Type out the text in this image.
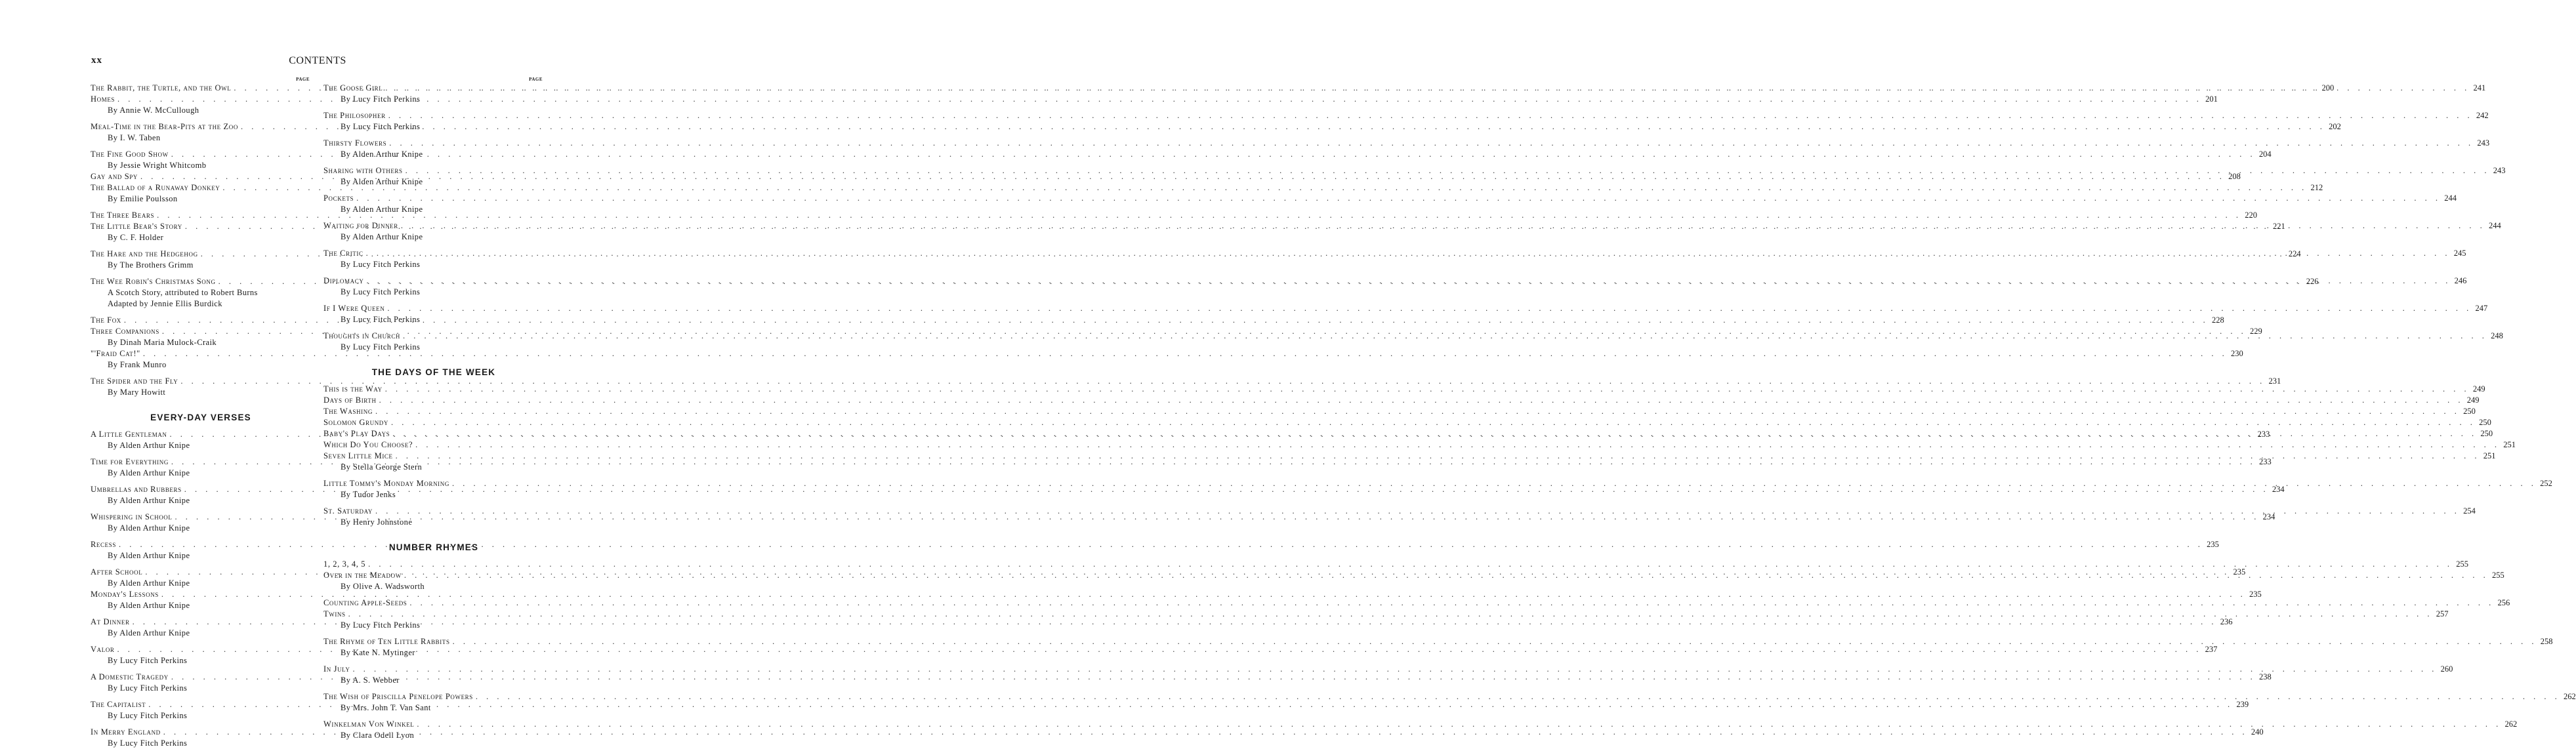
xx	CONTENTS
PAGE
The Rabbit, the Turtle, and the Owl . . .	200
Homes . . .	201
By Annie W. McCullough
Meal-Time in the Bear-Pits at the Zoo . . .	202
By I. W. Taben
The Fine Good Show . . .	204
By Jessie Wright Whitcomb
Gay and Spy . . .	208
The Ballad of a Runaway Donkey . . .	212
By Emilie Poulsson
The Three Bears . . .	220
The Little Bear's Story . . .	221
By C. F. Holder
The Hare and the Hedgehog . . .	224
By The Brothers Grimm
The Wee Robin's Christmas Song . . .	226
A Scotch Story, attributed to Robert Burns
Adapted by Jennie Ellis Burdick
The Fox . . .	228
Three Companions . . .	229
By Dinah Maria Mulock-Craik
"'Fraid Cat!" . . .	230
By Frank Munro
The Spider and the Fly . . .	231
By Mary Howitt
EVERY-DAY VERSES
A Little Gentleman . . .	233
By Alden Arthur Knipe
Time for Everything . . .	233
By Alden Arthur Knipe
Umbrellas and Rubbers . . .	234
By Alden Arthur Knipe
Whispering in School . . .	234
By Alden Arthur Knipe
Recess . . .	235
By Alden Arthur Knipe
After School . . .	235
By Alden Arthur Knipe
Monday's Lessons . . .	235
By Alden Arthur Knipe
At Dinner . . .	236
By Alden Arthur Knipe
Valor . . .	237
By Lucy Fitch Perkins
A Domestic Tragedy . . .	238
By Lucy Fitch Perkins
The Capitalist . . .	239
By Lucy Fitch Perkins
In Merry England . . .	240
By Lucy Fitch Perkins
PAGE
The Goose Girl . . .	241
By Lucy Fitch Perkins
The Philosopher . . .	242
By Lucy Fitch Perkins
Thirsty Flowers . . .	243
By Alden Arthur Knipe
Sharing with Others . . .	243
By Alden Arthur Knipe
Pockets . . .	244
By Alden Arthur Knipe
Waiting for Dinner . . .	244
By Alden Arthur Knipe
The Critic . . .	245
By Lucy Fitch Perkins
Diplomacy . . .	246
By Lucy Fitch Perkins
If I Were Queen . . .	247
By Lucy Fitch Perkins
Thoughts in Church . . .	248
By Lucy Fitch Perkins
THE DAYS OF THE WEEK
This is the Way . . .	249
Days of Birth . . .	249
The Washing . . .	250
Solomon Grundy . . .	250
Baby's Play Days . . .	250
Which Do You Choose? . . .	251
Seven Little Mice . . .	251
By Stella George Stern
Little Tommy's Monday Morning . . .	252
By Tudor Jenks
St. Saturday . . .	254
By Henry Johnstone
NUMBER RHYMES
1, 2, 3, 4, 5 . . .	255
Over in the Meadow . . .	255
By Olive A. Wadsworth
Counting Apple-Seeds . . .	256
Twins . . .	257
By Lucy Fitch Perkins
The Rhyme of Ten Little Rabbits . . .	258
By Kate N. Mytinger
In July . . .	260
By A. S. Webber
The Wish of Priscilla Penelope Powers . . .	262
By Mrs. John T. Van Sant
Winkelman Von Winkel . . .	262
By Clara Odell Lyon
